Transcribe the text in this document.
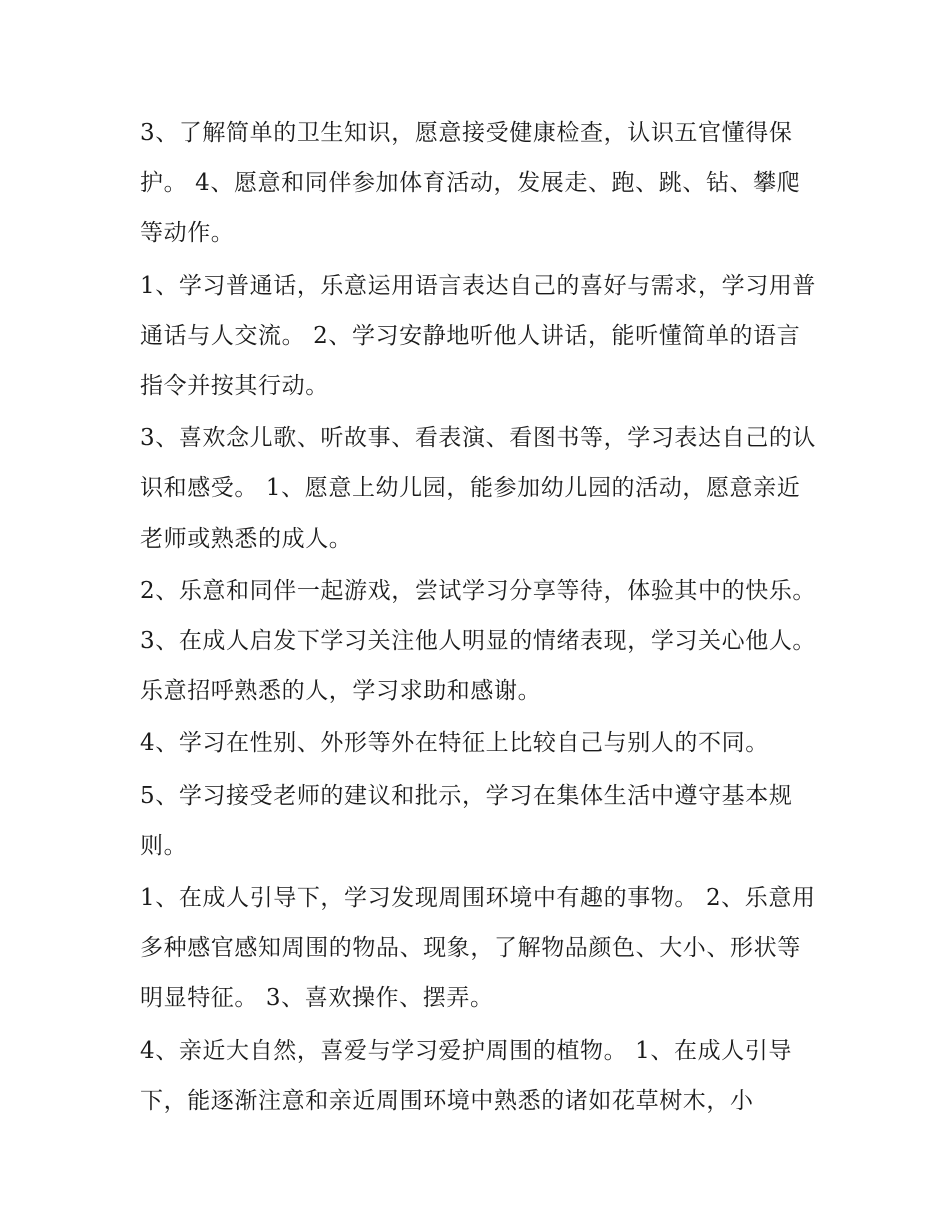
3、了解简单的卫生知识，愿意接受健康检查，认识五官懂得保护。 4、愿意和同伴参加体育活动，发展走、跑、跳、钻、攀爬等动作。

1、学习普通话，乐意运用语言表达自己的喜好与需求，学习用普通话与人交流。 2、学习安静地听他人讲话，能听懂简单的语言指令并按其行动。

3、喜欢念儿歌、听故事、看表演、看图书等，学习表达自己的认识和感受。 1、愿意上幼儿园，能参加幼儿园的活动，愿意亲近老师或熟悉的成人。

2、乐意和同伴一起游戏，尝试学习分享等待，体验其中的快乐。 3、在成人启发下学习关注他人明显的情绪表现，学习关心他人。乐意招呼熟悉的人，学习求助和感谢。

4、学习在性别、外形等外在特征上比较自己与别人的不同。

5、学习接受老师的建议和批示，学习在集体生活中遵守基本规则。

1、在成人引导下，学习发现周围环境中有趣的事物。 2、乐意用多种感官感知周围的物品、现象，了解物品颜色、大小、形状等明显特征。 3、喜欢操作、摆弄。

4、亲近大自然，喜爱与学习爱护周围的植物。 1、在成人引导下，能逐渐注意和亲近周围环境中熟悉的诸如花草树木，小
